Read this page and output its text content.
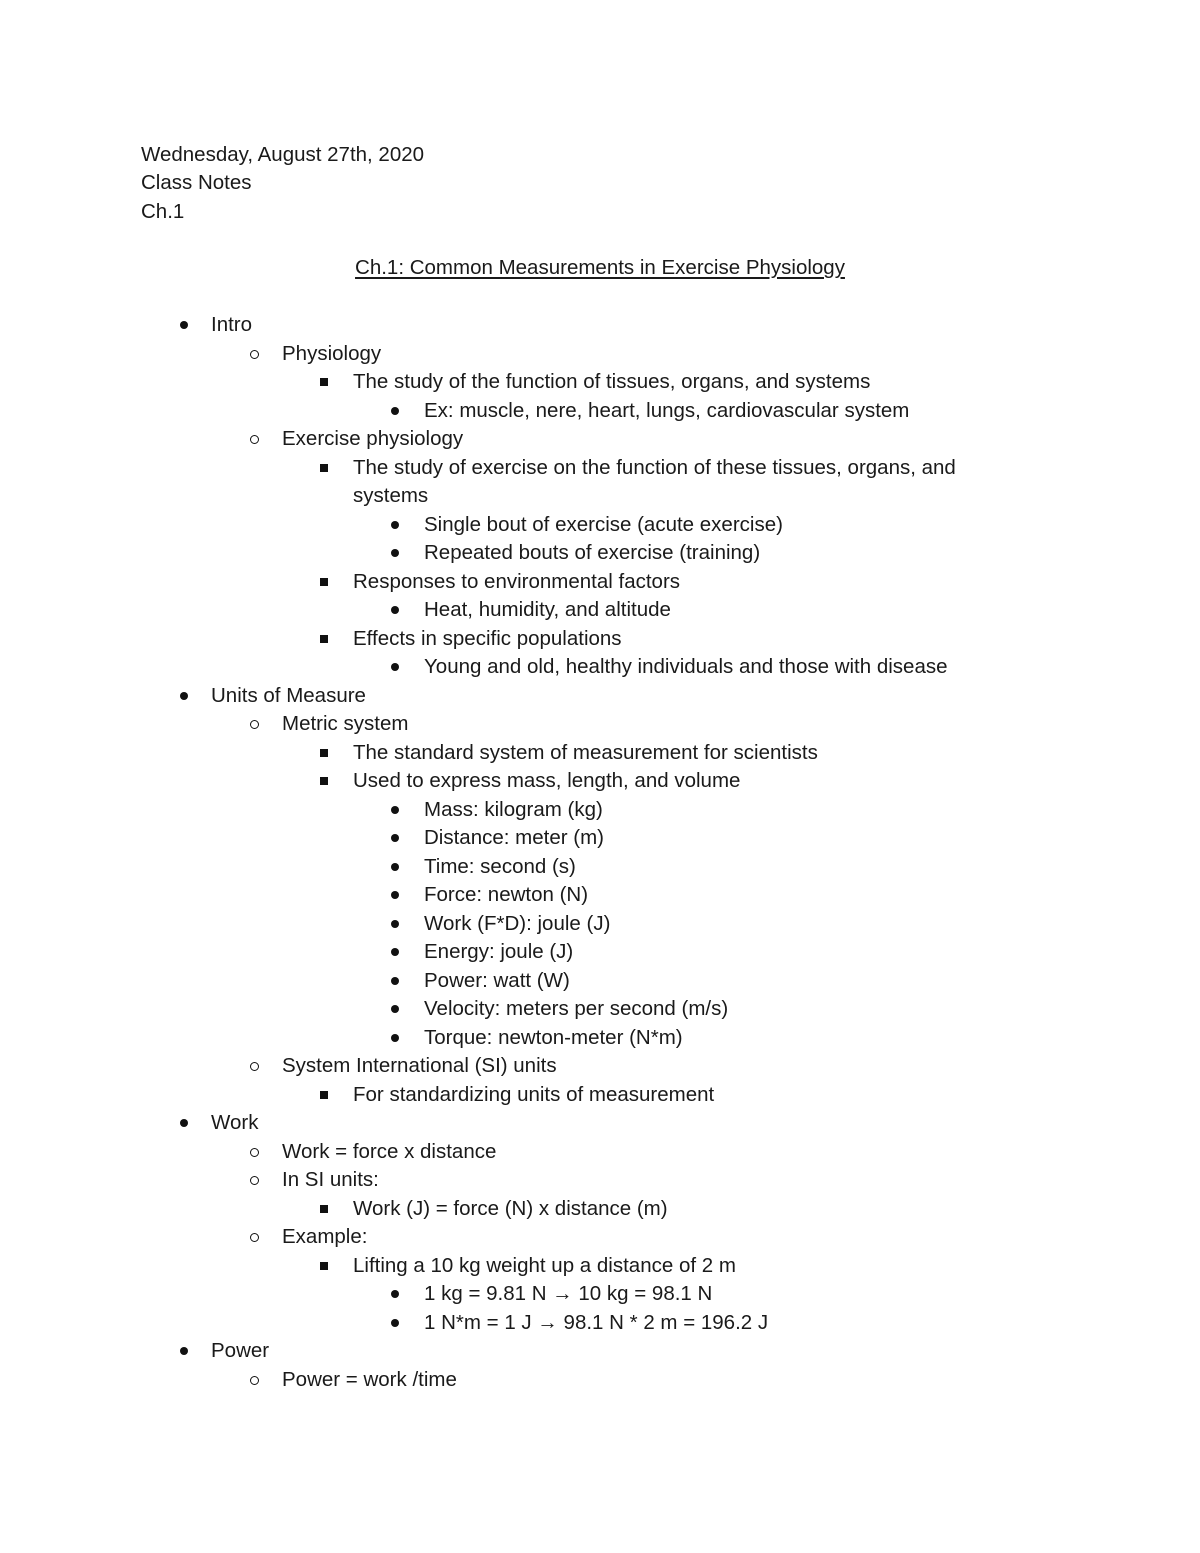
Wednesday, August 27th, 2020
Class Notes
Ch.1
Ch.1: Common Measurements in Exercise Physiology
Intro
Physiology
The study of the function of tissues, organs, and systems
Ex: muscle, nere, heart, lungs, cardiovascular system
Exercise physiology
The study of exercise on the function of these tissues, organs, and systems
Single bout of exercise (acute exercise)
Repeated bouts of exercise (training)
Responses to environmental factors
Heat, humidity, and altitude
Effects in specific populations
Young and old, healthy individuals and those with disease
Units of Measure
Metric system
The standard system of measurement for scientists
Used to express mass, length, and volume
Mass: kilogram (kg)
Distance: meter (m)
Time: second (s)
Force: newton (N)
Work (F*D): joule (J)
Energy: joule (J)
Power: watt (W)
Velocity: meters per second (m/s)
Torque: newton-meter (N*m)
System International (SI) units
For standardizing units of measurement
Work
Work = force x distance
In SI units:
Work (J) = force (N) x distance (m)
Example:
Lifting a 10 kg weight up a distance of 2 m
1 kg = 9.81 N → 10 kg = 98.1 N
1 N*m = 1 J → 98.1 N * 2 m = 196.2 J
Power
Power = work /time
